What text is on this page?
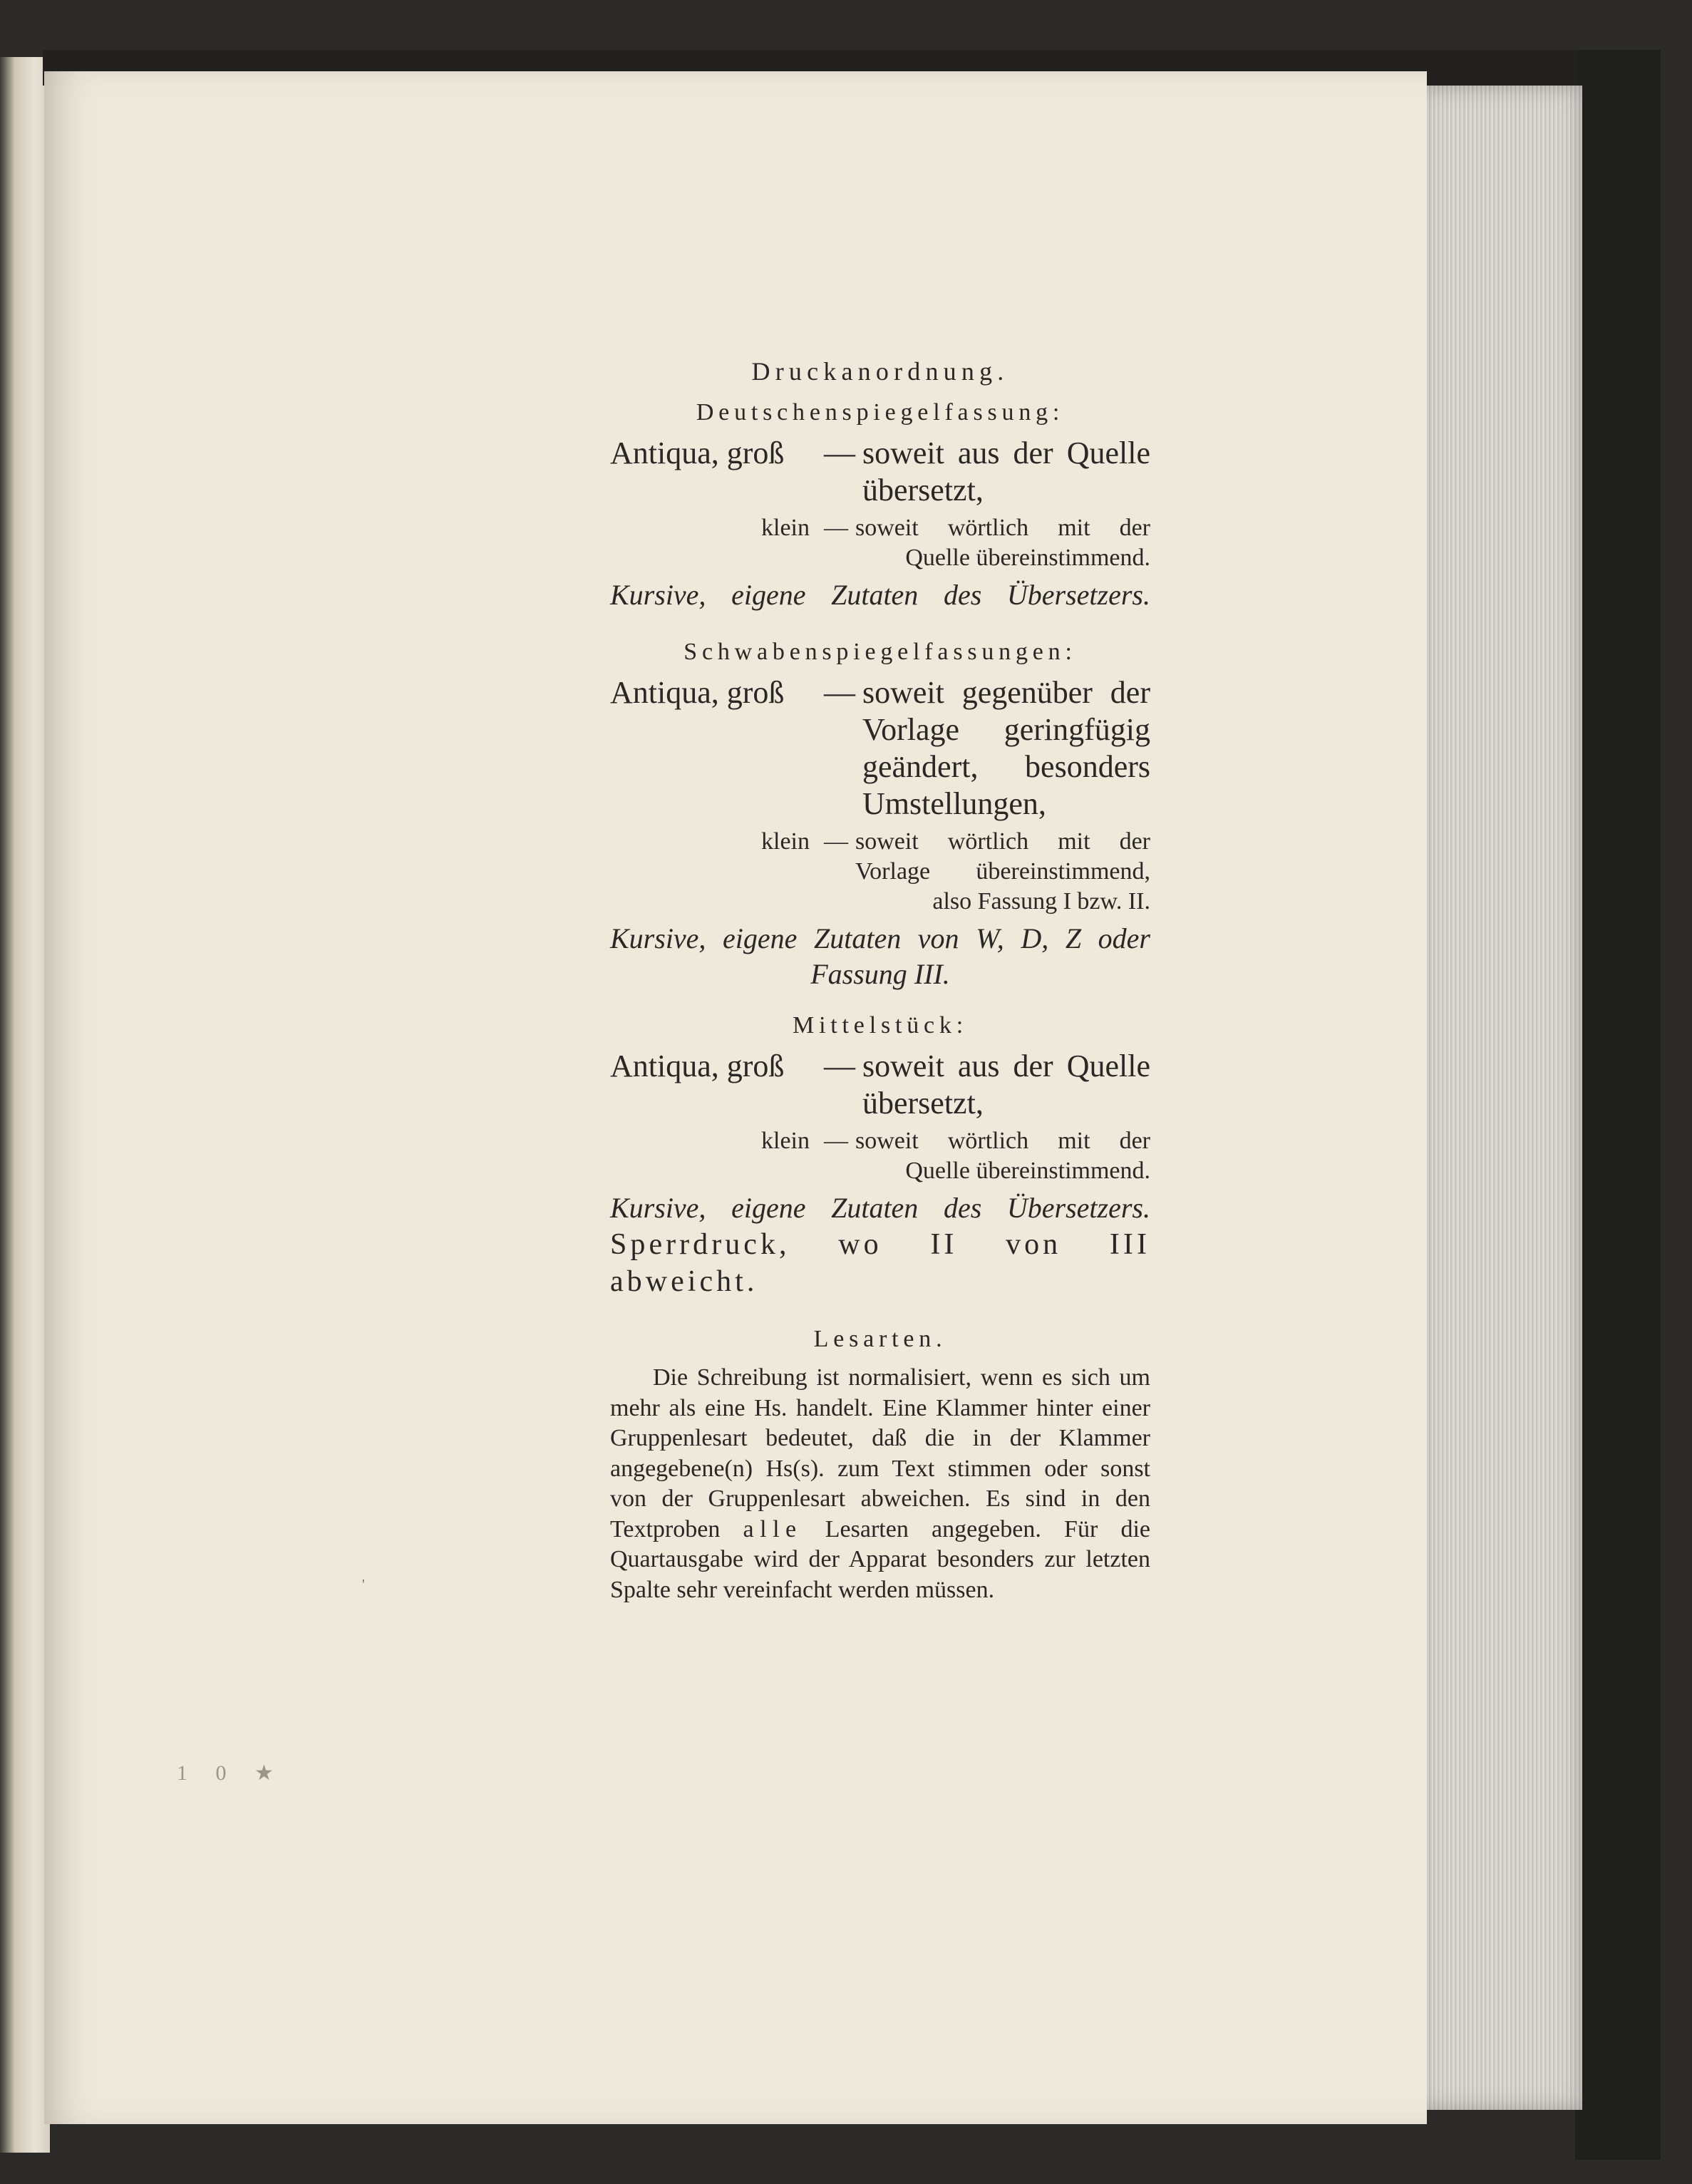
Druckanordnung.

Deutschenspiegelfassung:

Antiqua, groß	— soweit aus der Quelle
übersetzt,
klein — soweit wörtlich mit der
Quelle übereinstimmend.
Kursive, eigene Zutaten des Übersetzers.

Schwabenspiegelfassungen:

Antiqua, groß	— soweit gegenüber der
Vorlage geringfügig
geändert, besonders
Umstellungen,
klein — soweit wörtlich mit der
Vorlage übereinstimmend,
also Fassung I bzw. II.
Kursive, eigene Zutaten von W, D, Z oder
Fassung III.

Mittelstück:

Antiqua, groß	— soweit aus der Quelle
übersetzt,
klein — soweit wörtlich mit der
Quelle übereinstimmend.
Kursive, eigene Zutaten des Übersetzers.
Sperrdruck, wo II von III abweicht.

Lesarten.

Die Schreibung ist normalisiert, wenn es sich um mehr als eine Hs. handelt. Eine Klammer hinter einer Gruppenlesart bedeutet, daß die in der Klammer angegebene(n) Hs(s). zum Text stimmen oder sonst von der Gruppenlesart abweichen. Es sind in den Textproben alle Lesarten angegeben. Für die Quartausgabe wird der Apparat besonders zur letzten Spalte sehr vereinfacht werden müssen.

'
1 0 ★
